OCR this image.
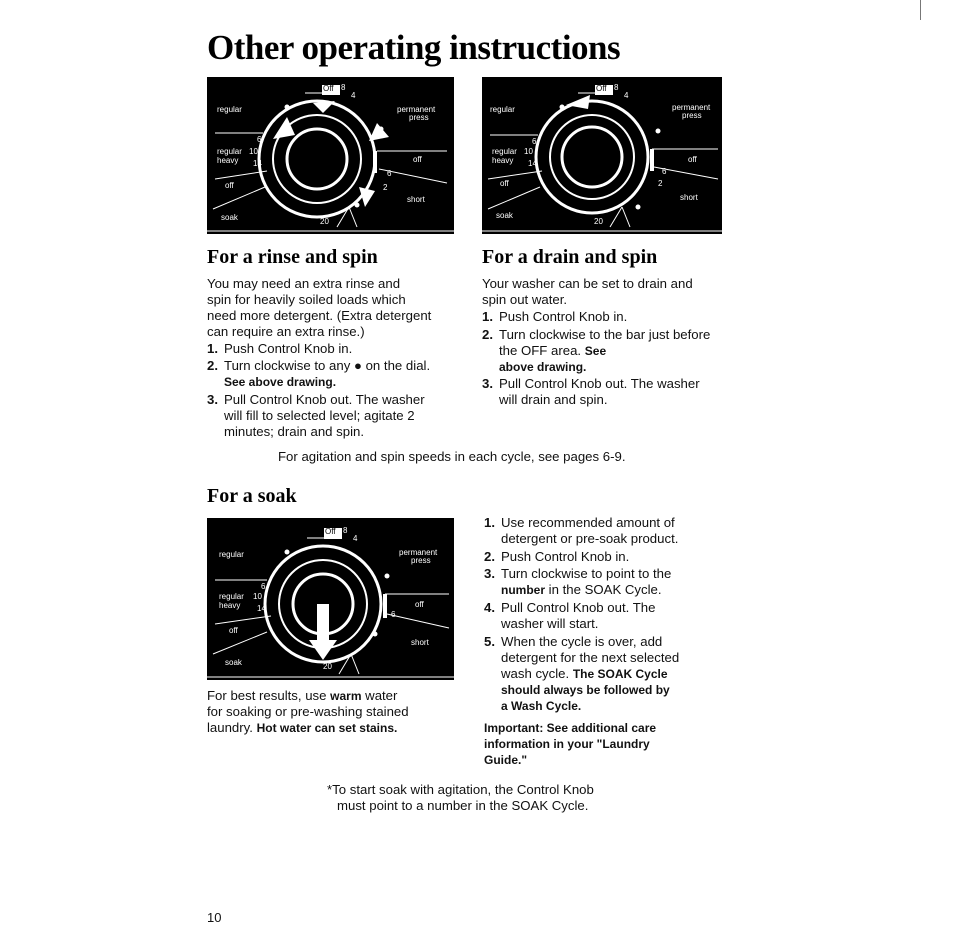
Other operating instructions
regular	permanent
press
regular
heavy
6
10
14
off
off
short
soak
Off 8
4
20
2
6
regular	permanent
press
regular
heavy
6
10
14
off
off
short
soak
Off 8
4
20
2
6
For a rinse and spin
You may need an extra rinse and
spin for heavily soiled loads which
need more detergent. (Extra detergent
can require an extra rinse.)
1. Push Control Knob in.
2. Turn clockwise to any ● on the dial.
See above drawing.
3. Pull Control Knob out. The washer
will fill to selected level; agitate 2
minutes; drain and spin.
For a drain and spin
Your washer can be set to drain and
spin out water.
1. Push Control Knob in.
2. Turn clockwise to the bar just before
the OFF area. See
above drawing.
3. Pull Control Knob out. The washer
will drain and spin.
For agitation and spin speeds in each cycle, see pages 6-9.
For a soak
regular	permanent
press
regular
heavy
6
10
14
off
off
short
soak
Off 8
4
20
6
For best results, use warm water
for soaking or pre-washing stained
laundry. Hot water can set stains.
1. Use recommended amount of
detergent or pre-soak product.
2. Push Control Knob in.
3. Turn clockwise to point to the
number in the SOAK Cycle.
4. Pull Control Knob out. The
washer will start.
5. When the cycle is over, add
detergent for the next selected
wash cycle. The SOAK Cycle
should always be followed by
a Wash Cycle.
Important: See additional care
information in your "Laundry
Guide."
*To start soak with agitation, the Control Knob
must point to a number in the SOAK Cycle.
10
